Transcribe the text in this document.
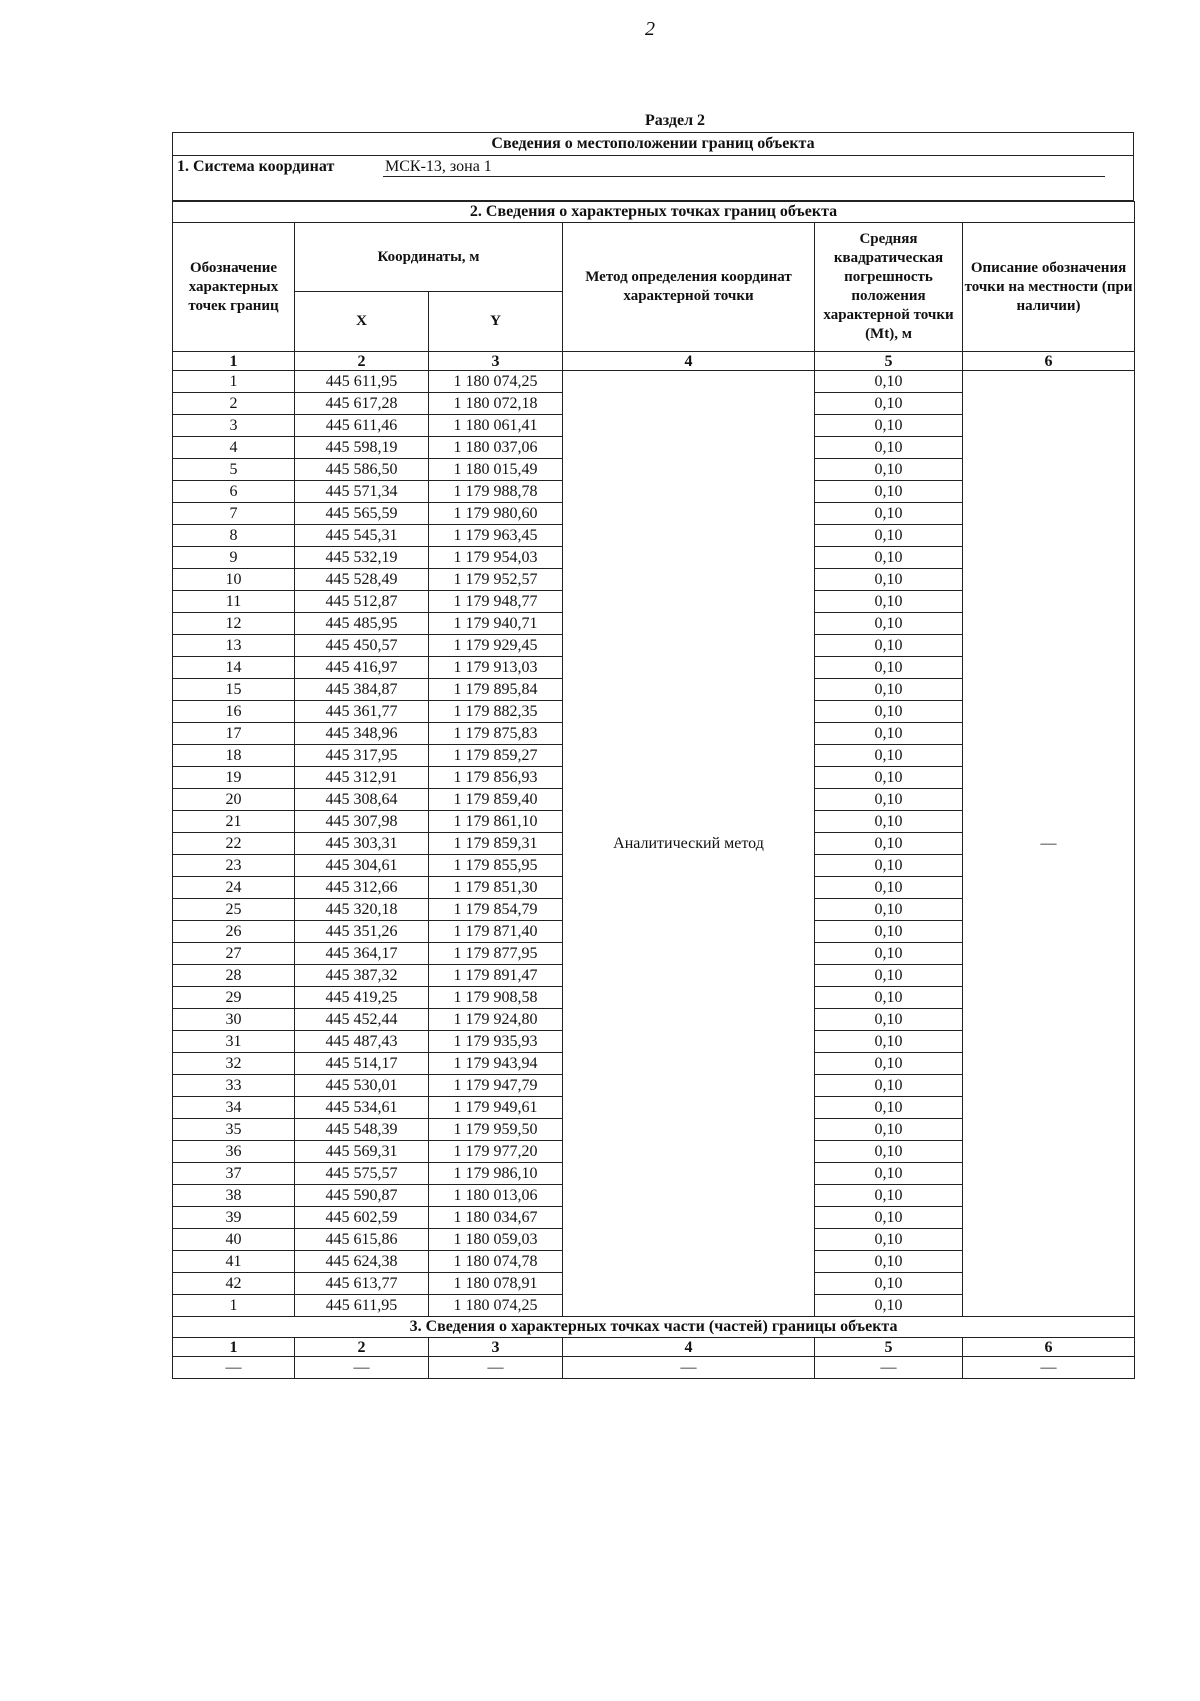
2
Раздел 2
Сведения о местоположении границ объекта
1. Система координат	МСК-13, зона 1
2. Сведения о характерных точках границ объекта					
Обозначение характерных точек границ	Координаты, м		Метод определения координат характерной точки	Средняя квадратическая погрешность положения характерной точки (Mt), м	Описание обозначения точки на местности (при наличии)
	X	Y			
1	2	3	4	5	6
1	445 611,95	1 180 074,25	Аналитический метод	0,10	—
2	445 617,28	1 180 072,18		0,10	
3	445 611,46	1 180 061,41		0,10	
4	445 598,19	1 180 037,06		0,10	
5	445 586,50	1 180 015,49		0,10	
6	445 571,34	1 179 988,78		0,10	
7	445 565,59	1 179 980,60		0,10	
8	445 545,31	1 179 963,45		0,10	
9	445 532,19	1 179 954,03		0,10	
10	445 528,49	1 179 952,57		0,10	
11	445 512,87	1 179 948,77		0,10	
12	445 485,95	1 179 940,71		0,10	
13	445 450,57	1 179 929,45		0,10	
14	445 416,97	1 179 913,03		0,10	
15	445 384,87	1 179 895,84		0,10	
16	445 361,77	1 179 882,35		0,10	
17	445 348,96	1 179 875,83		0,10	
18	445 317,95	1 179 859,27		0,10	
19	445 312,91	1 179 856,93		0,10	
20	445 308,64	1 179 859,40		0,10	
21	445 307,98	1 179 861,10		0,10	
22	445 303,31	1 179 859,31		0,10	
23	445 304,61	1 179 855,95		0,10	
24	445 312,66	1 179 851,30		0,10	
25	445 320,18	1 179 854,79		0,10	
26	445 351,26	1 179 871,40		0,10	
27	445 364,17	1 179 877,95		0,10	
28	445 387,32	1 179 891,47		0,10	
29	445 419,25	1 179 908,58		0,10	
30	445 452,44	1 179 924,80		0,10	
31	445 487,43	1 179 935,93		0,10	
32	445 514,17	1 179 943,94		0,10	
33	445 530,01	1 179 947,79		0,10	
34	445 534,61	1 179 949,61		0,10	
35	445 548,39	1 179 959,50		0,10	
36	445 569,31	1 179 977,20		0,10	
37	445 575,57	1 179 986,10		0,10	
38	445 590,87	1 180 013,06		0,10	
39	445 602,59	1 180 034,67		0,10	
40	445 615,86	1 180 059,03		0,10	
41	445 624,38	1 180 074,78		0,10	
42	445 613,77	1 180 078,91		0,10	
1	445 611,95	1 180 074,25		0,10	
3. Сведения о характерных точках части (частей) границы объекта					
1	2	3	4	5	6
—	—	—	—	—	—
